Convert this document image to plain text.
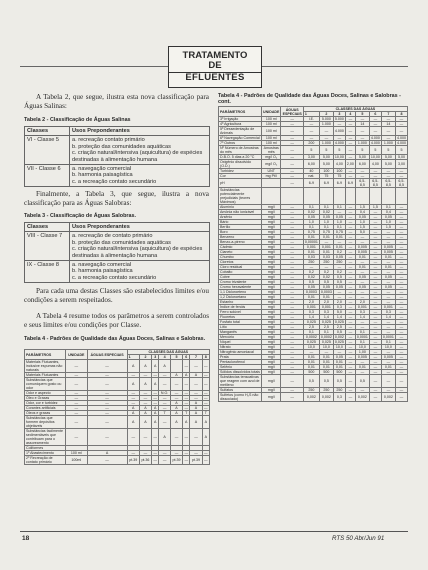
TRATAMENTO
DE
EFLUENTES
A Tabela 2, que segue, ilustra esta nova classificação para Águas Salinas:
Tabela 2 - Classificação de Águas Salinas
Classes	Usos Preponderantes
VI - Classe 5	a. recreação contato primário
b. proteção das comunidades aquáticas
c. criação natural/intensiva (aquicultura) de espécies destinadas à alimentação humana

VII - Classe 6	a. navegação comercial
b. harmonia paisagística
c. a recreação contato secundário
Finalmente, a Tabela 3, que segue, ilustra a nova classificação para as Águas Salobras:
Tabela 3 - Classificação de Águas Salobras.
Classes	Usos Preponderantes
VIII - Classe 7	a. recreação de contato primário
b. proteção das comunidades aquáticas
c. criação natural/intensiva (aquicultura) de espécies destinadas à alimentação humana

IX - Classe 8	a. navegação comercial
b. harmonia paisagística
c. a recreação contato secundário
Para cada uma destas Classes são estabelecidos limites e/ou condições a serem respeitados.
A Tabela 4 resume todos os parâmetros a serem controlados e seus limites e/ou condições por Classe.
Tabela 4 - Padrões de Qualidade das Águas Doces, Salinas e Salobras.
PARÂMETROS	UNIDADE	ÁGUAS ESPECIAIS	CLASSES DAS ÁGUAS							
			1	2	3	4	5	6	7	8
Materiais Flutuantes, inclusive espumas não naturais	—	—	A	A	A	A		—	—	—
Materiais Flutuantes	—	—	—	—	—	—	A	A	A	—
Substâncias que comuniquem gosto ou odor	—	—	A	A	A	—	—	—	—	—
Odor e aspecto	—	—	—	—	—	N.O.	—	—	—	—
Óleo e Graxas	—	—	—	—	—	—	—	—	—	—
Odor, cor e turbidez	—	—	—	—	—	—	A	—	A	—
Corantes artificiais	—	—	A	A	A	—	A	—	A	—
Óleos e graxas	—	—	A	A	A	T	A	T	A	T
Substâncias que formem depósitos objetáveis	—	—	A	A	A	—	A	A	A	A
Substâncias facilmente sedimentáveis que contribuam para o assoreamento	—	—	—	—	—	A	—	—	—	A
Coliformes										
1º Abastecimento	100 ml	A	—	—	—	—	—	—	—	—
2º Recreação de contato primário	100ml	—	pt.39	pt.36	—	—	pt.39	—	pt.39	—
Tabela 4 - Padrões de Qualidade das Águas Doces, Salinas e Salobras - cont.
PARÂMETROS	UNIDADE	ÁGUAS ESPECIAIS	CLASSES DAS ÁGUAS							
			1	2	3	4	5	6	7	8
3º Irrigação	100 ml	—	I.E.	5.000	5.000	—	—	—	—	—
4º Agricultura	100 ml	—	—	1.000	—	—	14	—	14	—
5º Dessedentação de Animais	100 ml	—	—	—	4.000	—	—	—	—	—
6º Navegação Comercial	100 ml	—	—	—	—	—	—	4.000	—	4.000
7º Outros	100 ml	—	200	1.000	4.000	—	1.000	4.000	1.000	4.000
Nº Número de Amostras do mês	Amostras mês	—	5	5	5	—	5	5	5	5
D.B.O. 5 dias a 20 °C	mg/l O₂	—	3,00	5,00	10,00	—	5,00	10,00	5,00	5,00
Oxigênio dissolvido (O.D.)	mg/l O₂	—	6,00	5,00	4,00	2,00	6,00	4,00	5,00	3,00
Turbidez	UNT	—	40	100	100	—	—	—	—	—
Cor	mg Pt/l	—	nat.	75	75	—	—	—	—	—
pH		—	6-9	6-9	6-9	6-9	6,5-8,5	6,5-8,5	6,5-8,5	6,5-8,5
Substâncias potencialmente prejudiciais (teores Máximos)										
Alumínio	mg/l	—	0,1	0,1	0,1	—	1,5	1,5	0,1	—
Amônia não ionizável	mg/l	—	0,02	0,02	—	—	0,4	—	0,4	—
Arsênio	mg/l	—	0,05	0,05	0,05	—	0,05	—	0,05	—
Bário	mg/l	—	1,0	1,0	1,0	—	1,0	—	1,0	—
Berílio	mg/l	—	0,1	0,1	0,1	—	1,5	—	1,5	—
Boro	mg/l	—	0,75	0,75	0,75	—	5,0	—	—	—
Benzeno	mg/l	—	0,01	0,01	0,01	—	—	—	—	—
Benzo-a-pireno	mg/l	—	0,00001	—	—	—	—	—	—	—
Cádmio	mg/l	—	0,001	0,001	0,01	—	0,005	—	0,005	—
Cianeto	mg/l	—	0,01	0,01	0,2	—	0,005	—	0,005	—
Chumbo	mg/l	—	0,03	0,03	0,05	—	0,01	—	0,01	—
Cloretos	mg/l	—	250	250	250	—	—	—	—	—
Cloro residual	mg/l	—	—	—	—	—	0,01	—	0,01	—
Cobalto	mg/l	—	0,2	0,2	0,2	—	—	—	—	—
Cobre	mg/l	—	0,02	0,02	0,5	—	0,05	—	0,05	—
Cromo trivalente	mg/l	—	0,5	0,5	0,5	—	—	—	—	—
Cromo hexavalente	mg/l	—	0,05	0,05	0,05	—	0,05	—	0,05	—
1,1 Dicloroeteno	mg/l	—	0,0003	0,0003	—	—	—	—	—	—
1,2 Dicloroetano	mg/l	—	0,01	0,01	—	—	—	—	—	—
Estanho	mg/l	—	2,0	2,0	2,0	—	2,0	—	—	—
Índice de fenóis	mg/l	—	0,001	0,001	0,3	—	0,001	—	0,001	—
Ferro solúvel	mg/l	—	0,3	0,3	5,0	—	0,3	—	0,3	—
Fluoretos	mg/l	—	1,4	1,4	1,4	—	1,4	—	1,4	—
Fosfato total	mg/l	—	0,025	0,025	0,025	—	—	—	—	—
Lítio	mg/l	—	2,5	2,5	2,5	—	—	—	—	—
Manganês	mg/l	—	0,1	0,1	0,5	—	0,1	—	—	—
Mercúrio	mg/l	—	0,0002	0,0002	0,002	—	0,0001	—	0,0001	—
Níquel	mg/l	—	0,025	0,025	0,025	—	0,1	—	0,1	—
Nitrato	mg/l	—	10,0	10,0	10,0	—	10,0	—	10,0	—
Nitrogênio amoniacal	mg/l	—	—	—	—	—	1,00	—	—	—
Prata	mg/l	—	0,01	0,01	0,05	—	0,005	—	0,005	—
Pentaclorofenol	mg/l	—	0,01	0,01	0,01	—	—	—	—	—
Selênio	mg/l	—	0,01	0,01	0,01	—	0,01	—	0,01	—
Sólidos dissolvidos totais	mg/l	—	500	500	500	—	—	—	—	—
Substâncias tensoativas que reagem com azul de metileno	mg/l	—	0,5	0,5	0,5	—	0,5	—	—	—
Sulfatos	mg/l	—	250	250	250	—	—	—	—	—
Sulfetos (como H₂S não dissociado)	mg/l	—	0,002	0,002	0,3	—	0,002	—	0,002	—
18	RTS 50 Abr/Jun 91
